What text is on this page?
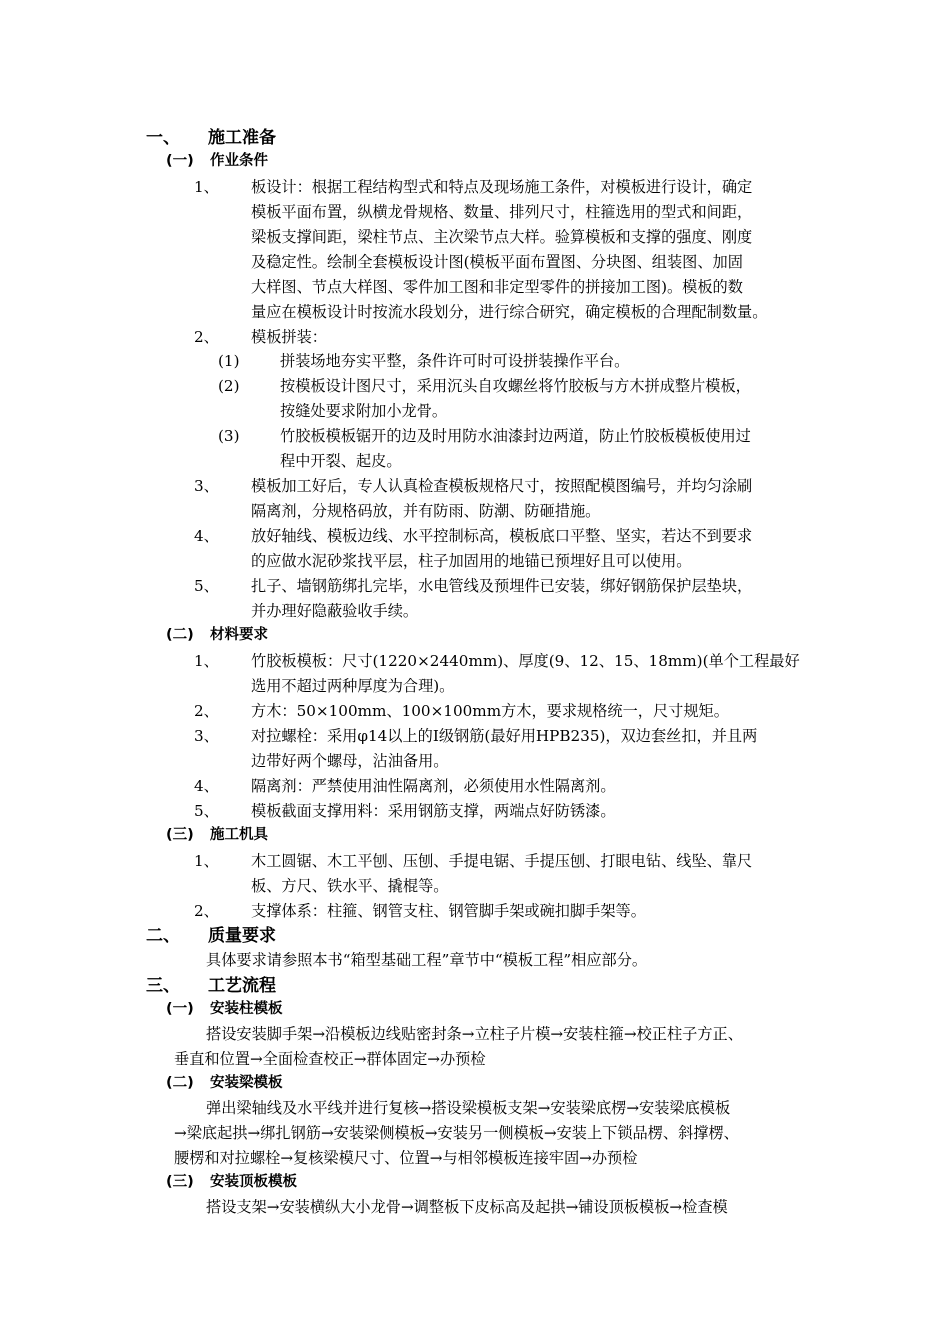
一、 施工准备
(一) 作业条件
1、 板设计：根据工程结构型式和特点及现场施工条件，对模板进行设计，确定
模板平面布置，纵横龙骨规格、数量、排列尺寸，柱箍选用的型式和间距，
梁板支撑间距，梁柱节点、主次梁节点大样。验算模板和支撑的强度、刚度
及稳定性。绘制全套模板设计图(模板平面布置图、分块图、组装图、加固
大样图、节点大样图、零件加工图和非定型零件的拼接加工图)。模板的数
量应在模板设计时按流水段划分，进行综合研究，确定模板的合理配制数量。
2、 模板拼装：
(1)	拼装场地夯实平整，条件许可时可设拼装操作平台。
(2)	按模板设计图尺寸，采用沉头自攻螺丝将竹胶板与方木拼成整片模板，
按缝处要求附加小龙骨。
(3)	竹胶板模板锯开的边及时用防水油漆封边两道，防止竹胶板模板使用过
程中开裂、起皮。
3、 模板加工好后，专人认真检查模板规格尺寸，按照配模图编号，并均匀涂刷
隔离剂，分规格码放，并有防雨、防潮、防砸措施。
4、 放好轴线、模板边线、水平控制标高，模板底口平整、坚实，若达不到要求
的应做水泥砂浆找平层，柱子加固用的地锚已预埋好且可以使用。
5、 扎子、墙钢筋绑扎完毕，水电管线及预埋件已安装，绑好钢筋保护层垫块，
并办理好隐蔽验收手续。
(二) 材料要求
1、 竹胶板模板：尺寸(1220×2440mm)、厚度(9、12、15、18mm)(单个工程最好
选用不超过两种厚度为合理)。
2、 方木：50×100mm、100×100mm方木，要求规格统一，尺寸规矩。
3、 对拉螺栓：采用φ14以上的Ⅰ级钢筋(最好用HPB235)，双边套丝扣，并且两
边带好两个螺母，沾油备用。
4、 隔离剂：严禁使用油性隔离剂，必须使用水性隔离剂。
5、 模板截面支撑用料：采用钢筋支撑，两端点好防锈漆。
(三) 施工机具
1、 木工圆锯、木工平刨、压刨、手提电锯、手提压刨、打眼电钻、线坠、靠尺
板、方尺、铁水平、撬棍等。
2、 支撑体系：柱箍、钢管支柱、钢管脚手架或碗扣脚手架等。
二、 质量要求
具体要求请参照本书“箱型基础工程”章节中“模板工程”相应部分。
三、 工艺流程
(一) 安装柱模板
搭设安装脚手架→沿模板边线贴密封条→立柱子片模→安装柱箍→校正柱子方正、
垂直和位置→全面检查校正→群体固定→办预检
(二) 安装梁模板
弹出梁轴线及水平线并进行复核→搭设梁模板支架→安装梁底楞→安装梁底模板
→梁底起拱→绑扎钢筋→安装梁侧模板→安装另一侧模板→安装上下锁品楞、斜撑楞、
腰楞和对拉螺栓→复核梁模尺寸、位置→与相邻模板连接牢固→办预检
(三) 安装顶板模板
搭设支架→安装横纵大小龙骨→调整板下皮标高及起拱→铺设顶板模板→检查模
